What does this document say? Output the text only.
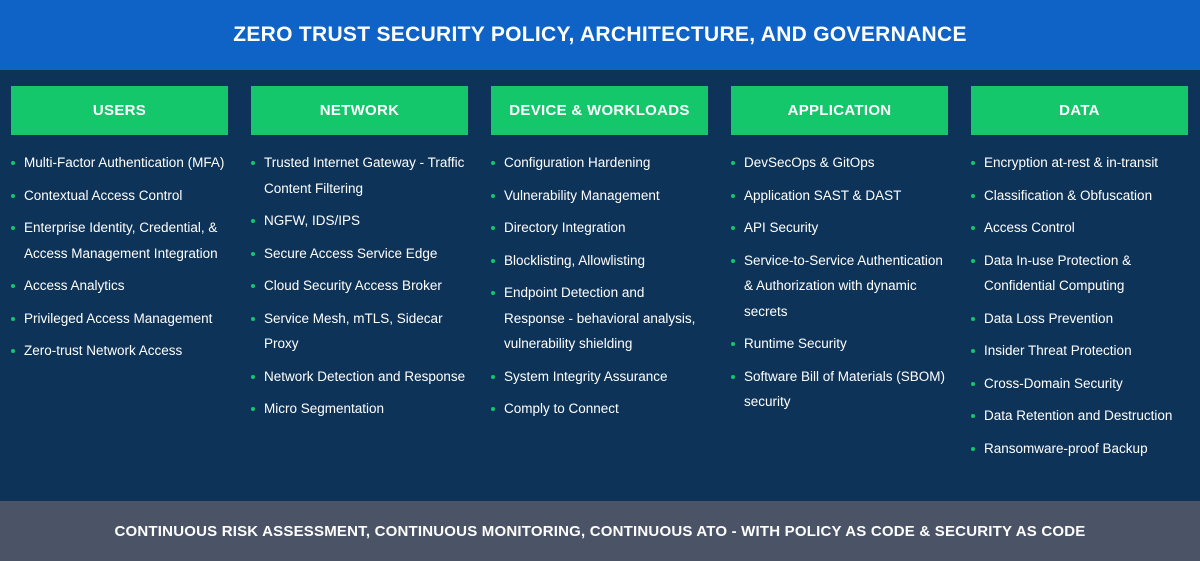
ZERO TRUST SECURITY POLICY, ARCHITECTURE, AND GOVERNANCE
USERS
Multi-Factor Authentication (MFA)
Contextual Access Control
Enterprise Identity, Credential, & Access Management Integration
Access Analytics
Privileged Access Management
Zero-trust Network Access
NETWORK
Trusted Internet Gateway - Traffic Content Filtering
NGFW, IDS/IPS
Secure Access Service Edge
Cloud Security Access Broker
Service Mesh, mTLS, Sidecar Proxy
Network Detection and Response
Micro Segmentation
DEVICE & WORKLOADS
Configuration Hardening
Vulnerability Management
Directory Integration
Blocklisting, Allowlisting
Endpoint Detection and Response - behavioral analysis, vulnerability shielding
System Integrity Assurance
Comply to Connect
APPLICATION
DevSecOps & GitOps
Application SAST & DAST
API Security
Service-to-Service Authentication & Authorization with dynamic secrets
Runtime Security
Software Bill of Materials (SBOM) security
DATA
Encryption at-rest & in-transit
Classification & Obfuscation
Access Control
Data In-use Protection & Confidential Computing
Data Loss Prevention
Insider Threat Protection
Cross-Domain Security
Data Retention and Destruction
Ransomware-proof Backup

CONTINUOUS RISK ASSESSMENT, CONTINUOUS MONITORING, CONTINUOUS ATO - WITH POLICY AS CODE & SECURITY AS CODE
